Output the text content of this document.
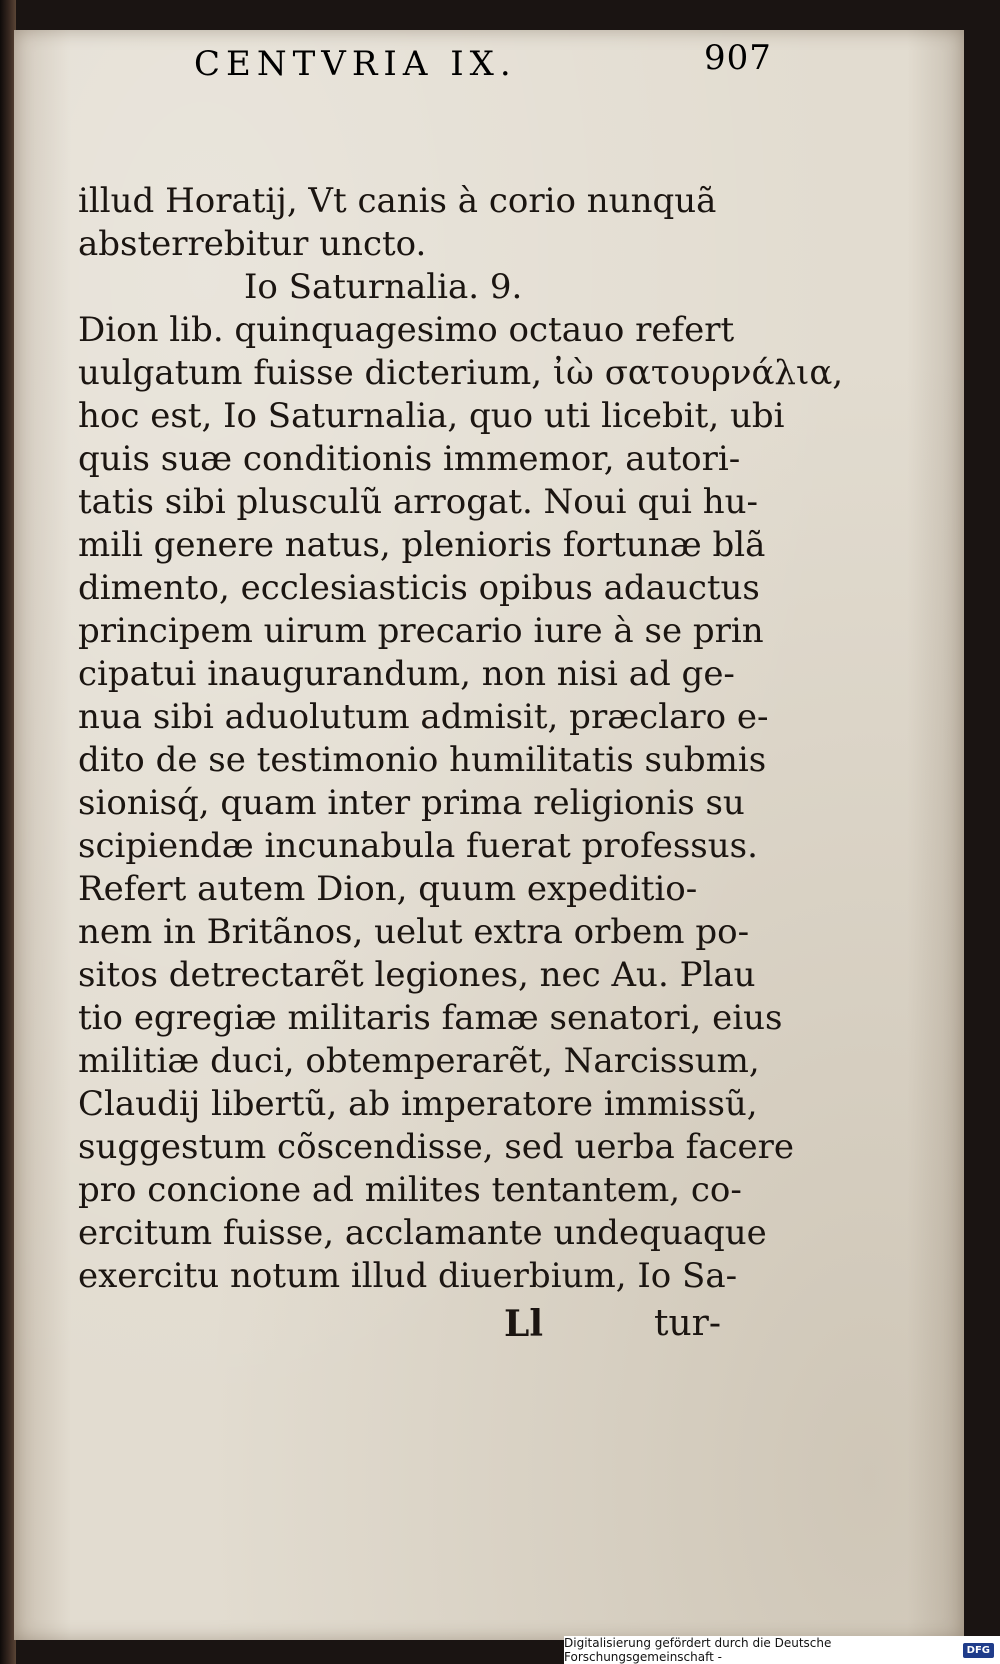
CENTVRIA IX.	907
illud Horatij, Vt canis à corio nunquã
absterrebitur uncto.
Io Saturnalia. 9.
Dion lib. quinquagesimo octauo refert
uulgatum fuisse dicterium, ἰὼ σατουρνάλια,
hoc est, Io Saturnalia, quo uti licebit, ubi
quis suæ conditionis immemor, autori-
tatis sibi plusculũ arrogat. Noui qui hu-
mili genere natus, plenioris fortunæ blã
dimento, ecclesiasticis opibus adauctus
principem uirum precario iure à se prin
cipatui inaugurandum, non nisi ad ge-
nua sibi aduolutum admisit, præclaro e-
dito de se testimonio humilitatis submis
sionisq́, quam inter prima religionis su
scipiendæ incunabula fuerat professus.
Refert autem Dion, quum expeditio-
nem in Britãnos, uelut extra orbem po-
sitos detrectarẽt legiones, nec Au. Plau
tio egregiæ militaris famæ senatori, eius
militiæ duci, obtemperarẽt, Narcissum,
Claudij libertũ, ab imperatore immissũ,
suggestum cõscendisse, sed uerba facere
pro concione ad milites tentantem, co-
ercitum fuisse, acclamante undequaque
exercitu notum illud diuerbium, Io Sa-
Ll	tur-
Digitalisierung gefördert durch die Deutsche Forschungsgemeinschaft -	DFG
